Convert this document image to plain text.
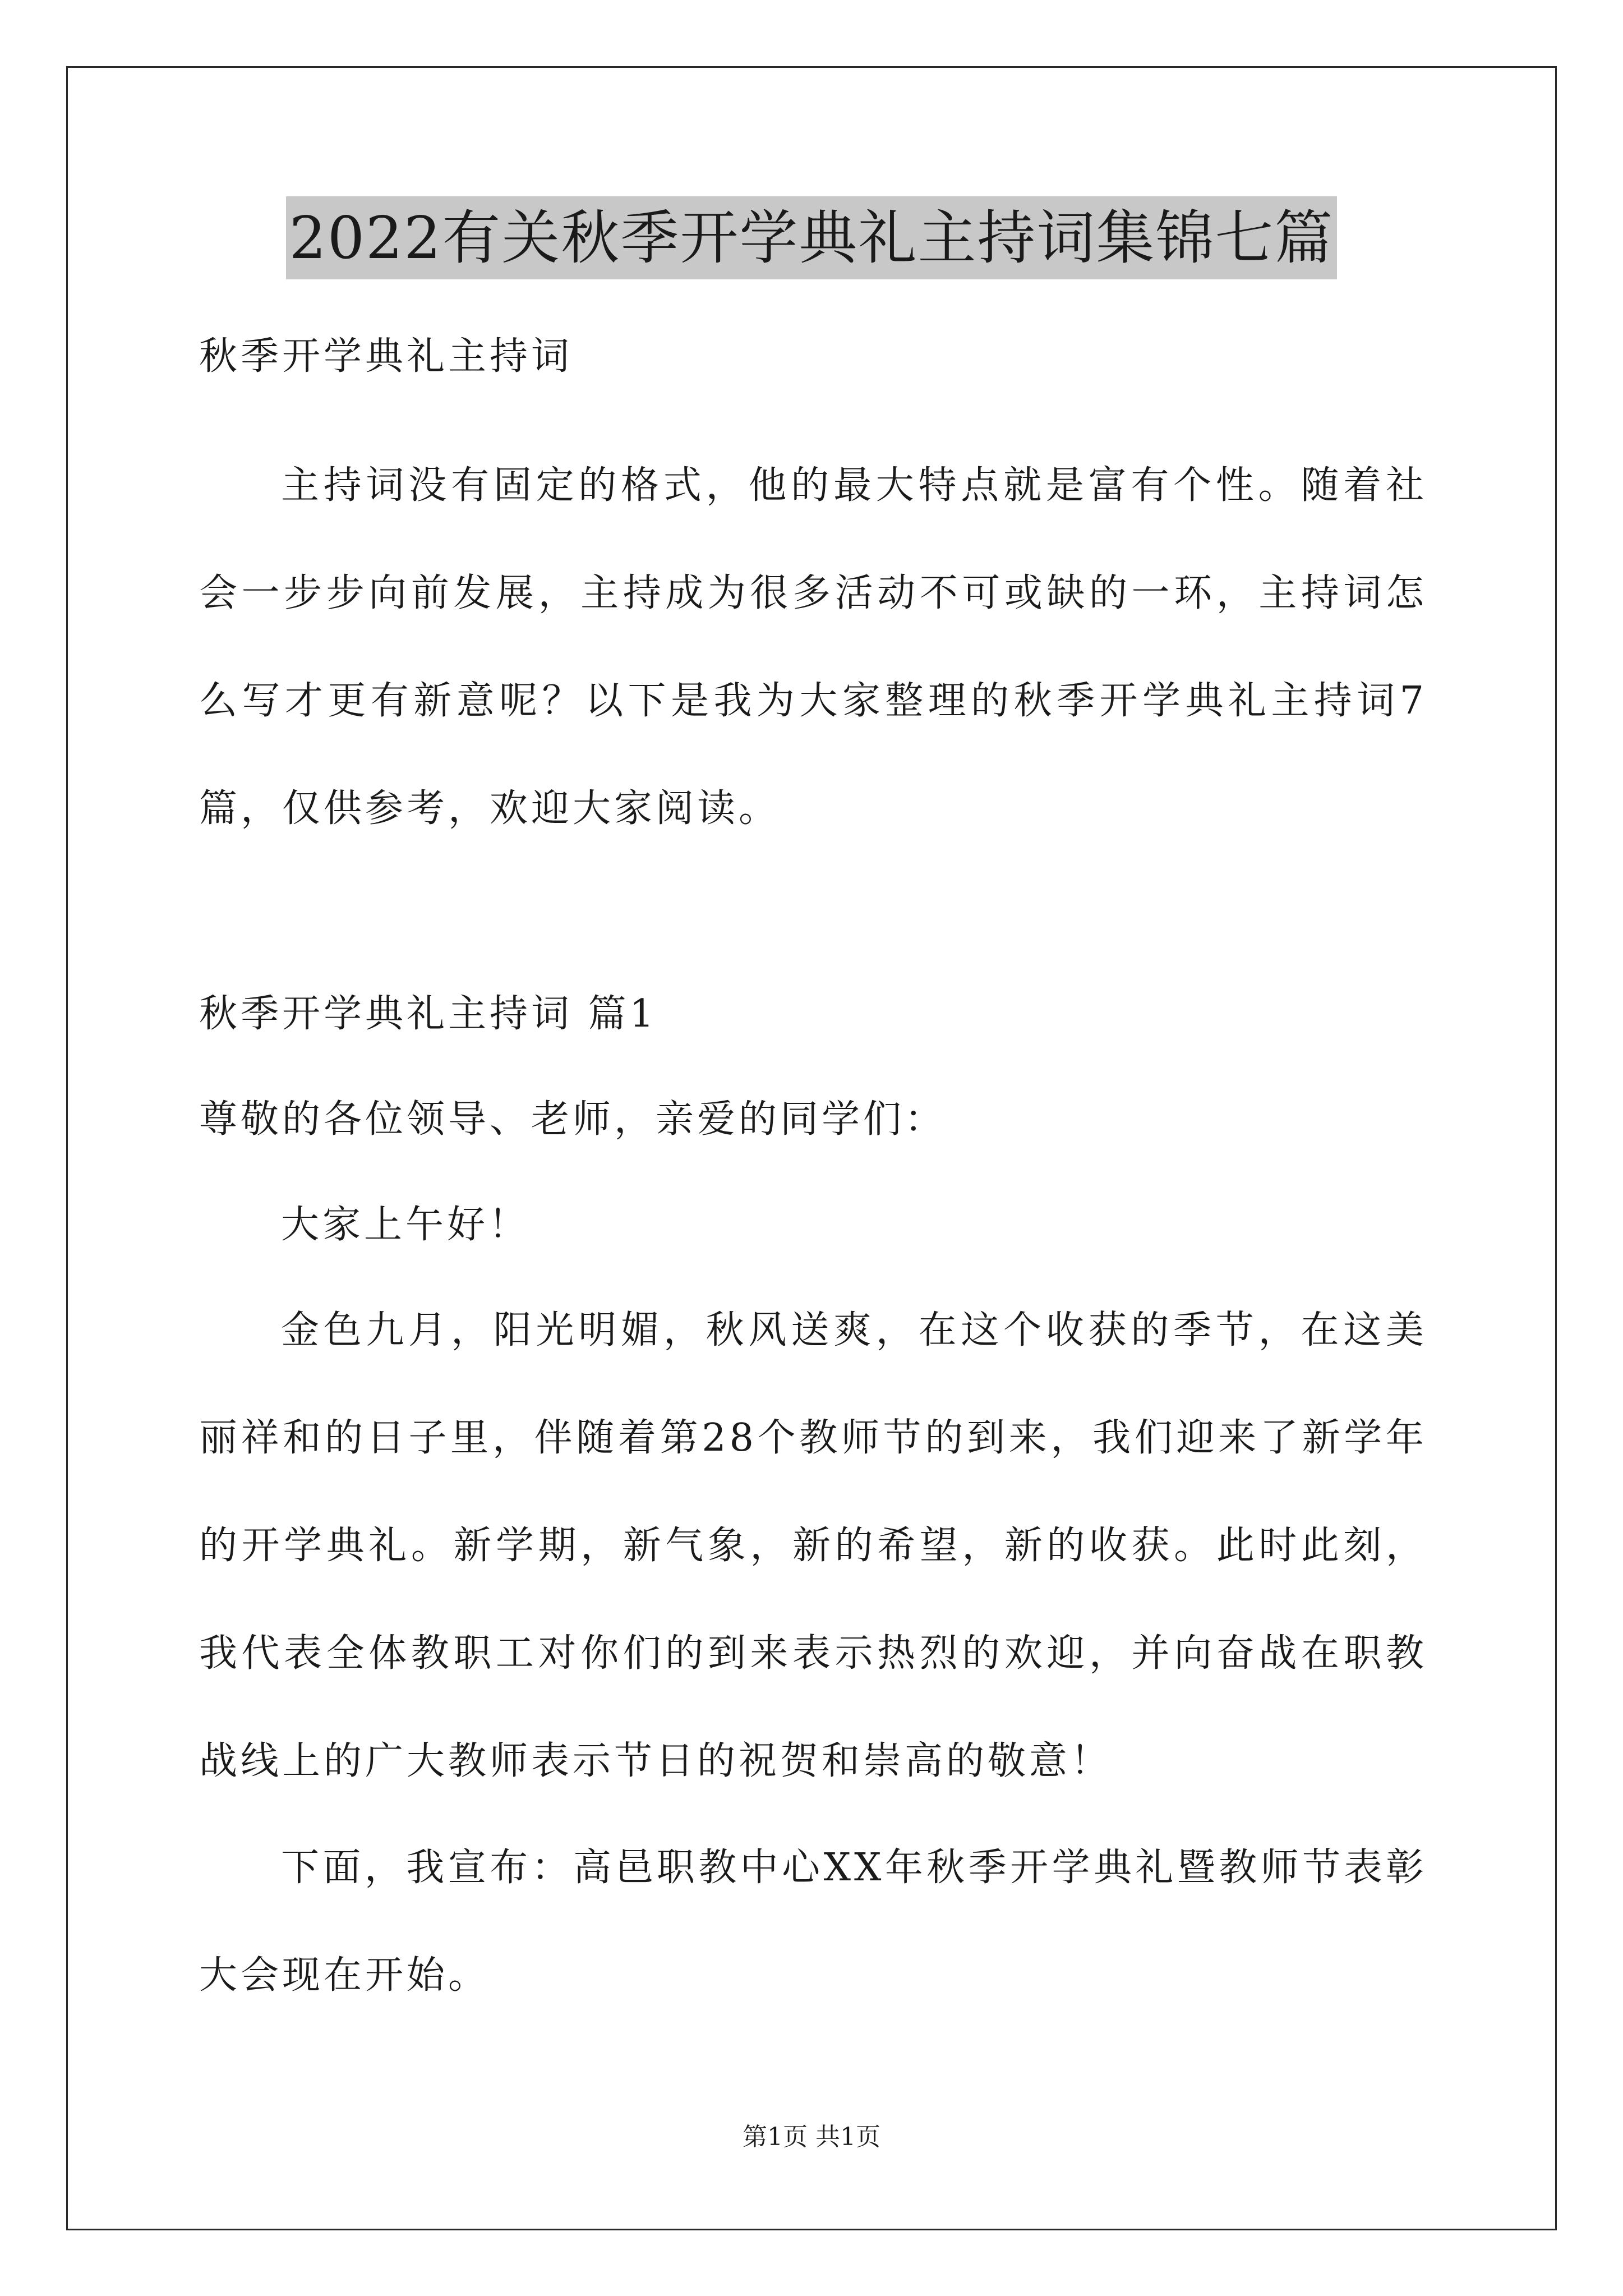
2022有关秋季开学典礼主持词集锦七篇
秋季开学典礼主持词
主持词没有固定的格式，他的最大特点就是富有个性。随着社会一步步向前发展，主持成为很多活动不可或缺的一环，主持词怎么写才更有新意呢？以下是我为大家整理的秋季开学典礼主持词7篇，仅供参考，欢迎大家阅读。
秋季开学典礼主持词 篇1
尊敬的各位领导、老师，亲爱的同学们：
大家上午好！
金色九月，阳光明媚，秋风送爽，在这个收获的季节，在这美丽祥和的日子里，伴随着第28个教师节的到来，我们迎来了新学年的开学典礼。新学期，新气象，新的希望，新的收获。此时此刻，我代表全体教职工对你们的到来表示热烈的欢迎，并向奋战在职教战线上的广大教师表示节日的祝贺和崇高的敬意！
下面，我宣布：高邑职教中心XX年秋季开学典礼暨教师节表彰大会现在开始。
第1页 共1页
